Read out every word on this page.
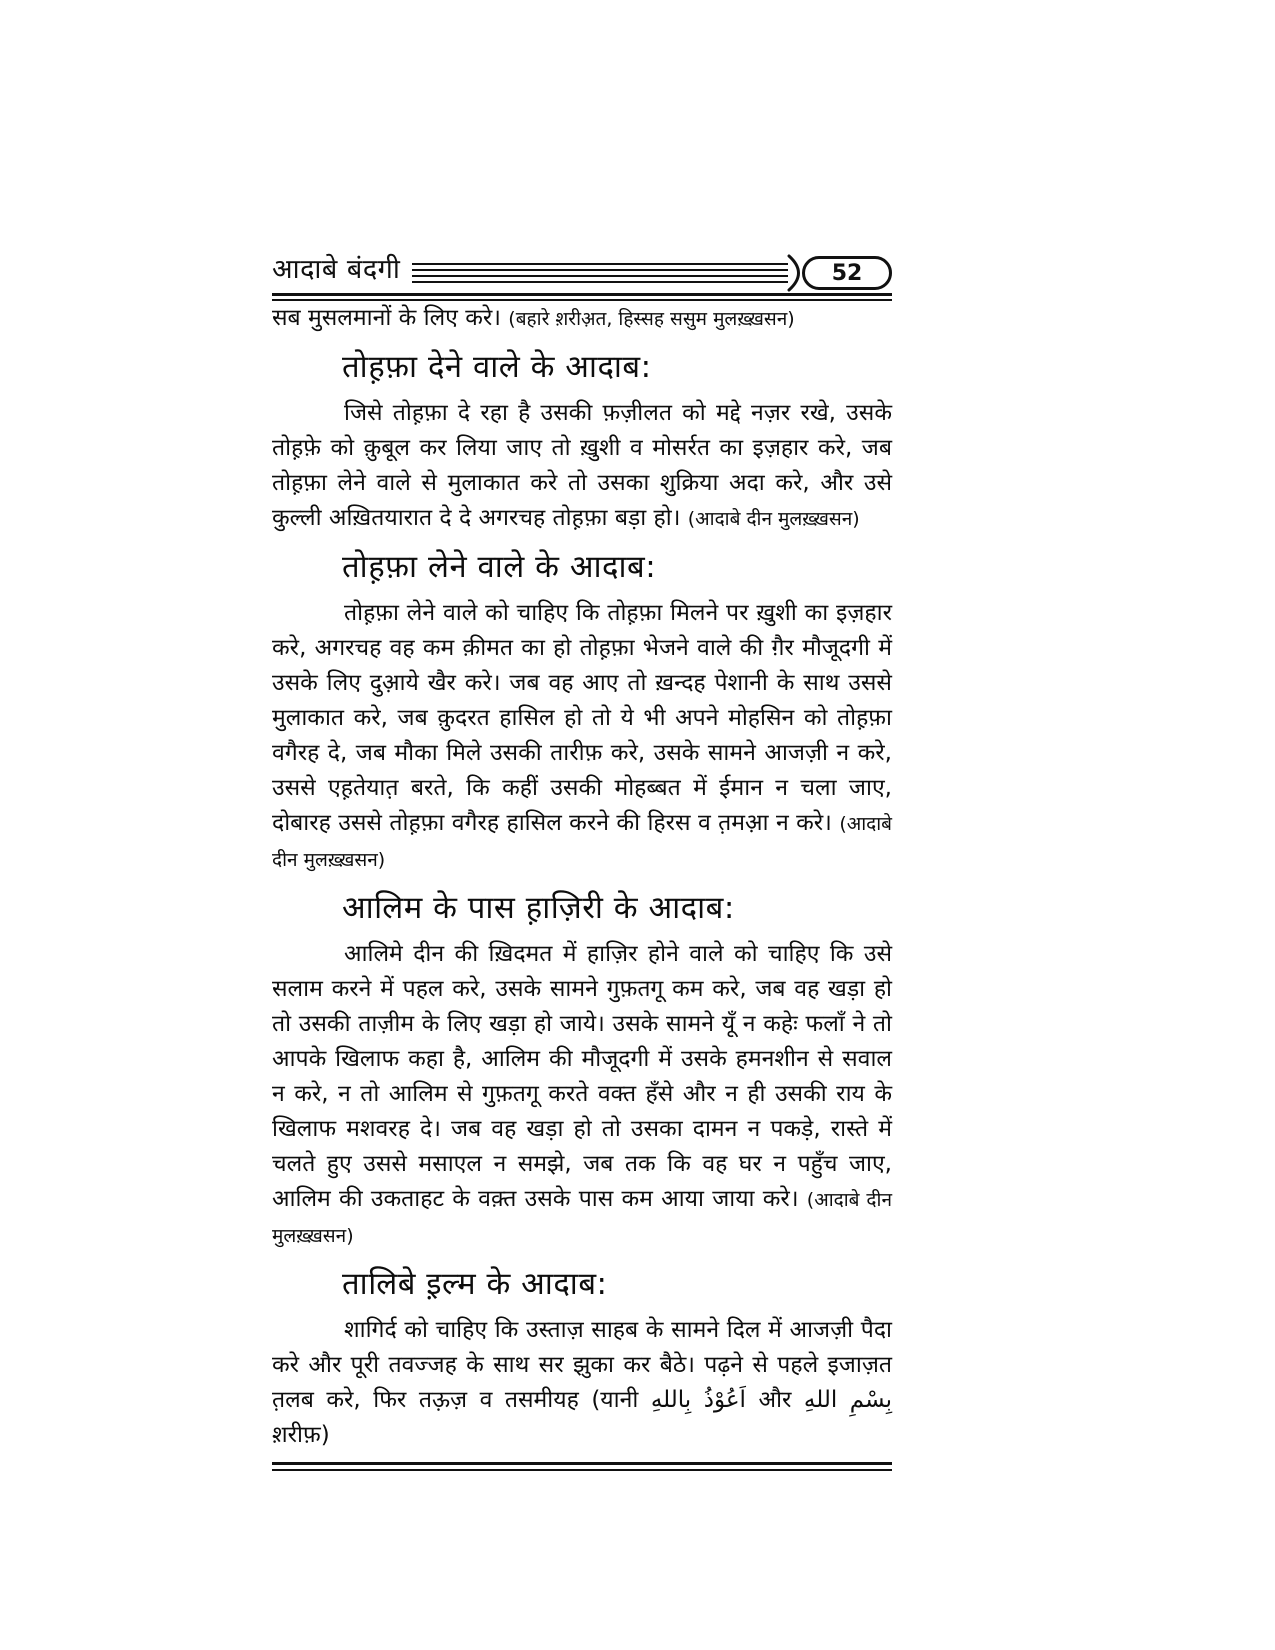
आदाबे बंदगी	52

सब मुसलमानों के लिए करे। (बहारे श़रीअ़त, हिस्सह ससुम मुलख़्ख़सन)

तोह़फ़ा देने वाले के आदाब:

जिसे तोह़फ़ा दे रहा है उसकी फ़ज़ीलत को मद्दे नज़र रखे, उसके तोह़फ़े को क़ुबूल कर लिया जाए तो ख़ुशी व मोसर्रत का इज़हार करे, जब तोह़फ़ा लेने वाले से मुलाकात करे तो उसका शुक्रिया अदा करे, और उसे कुल्ली अख़ितयारात दे दे अगरचह तोह़फ़ा बड़ा हो। (आदाबे दीन मुलख़्ख़सन)

तोह़फ़ा लेने वाले के आदाब:

तोह़फ़ा लेने वाले को चाहिए कि तोह़फ़ा मिलने पर ख़ुशी का इज़हार करे, अगरचह वह कम क़ीमत का हो तोह़फ़ा भेजने वाले की ग़ैर मौजूदगी में उसके लिए दुआ़ये खैर करे। जब वह आए तो ख़न्दह पेशानी के साथ उससे मुलाकात करे, जब क़ुदरत हासिल हो तो ये भी अपने मोहसिन को तोह़फ़ा वगैरह दे, जब मौका मिले उसकी तारीफ़ करे, उसके सामने आजज़ी न करे, उससे एह़तेयात़ बरते, कि कहीं उसकी मोहब्बत में ईमान न चला जाए, दोबारह उससे तोह़फ़ा वगैरह हासिल करने की हिरस व त़मआ़ न करे। (आदाबे दीन मुलख़्ख़सन)

आलिम के पास ह़ाज़िरी के आदाब:

आलिमे दीन की ख़िदमत में हाज़िर होने वाले को चाहिए कि उसे सलाम करने में पहल करे, उसके सामने गुफ़तगू कम करे, जब वह खड़ा हो तो उसकी ताज़ीम के लिए खड़ा हो जाये। उसके सामने यूँ न कहेः फलाँ ने तो आपके खिलाफ कहा है, आलिम की मौजूदगी में उसके हमनशीन से सवाल न करे, न तो आलिम से गुफ़तगू करते वक्त हँसे और न ही उसकी राय के खिलाफ मशवरह दे। जब वह खड़ा हो तो उसका दामन न पकड़े, रास्ते में चलते हुए उससे मसाएल न समझे, जब तक कि वह घर न पहुँच जाए, आलिम की उकताहट के वक़्त उसके पास कम आया जाया करे। (आदाबे दीन मुलख़्ख़सन)

तालिबे इ़ल्म के आदाब:

शागिर्द को चाहिए कि उस्ताज़ साहब के सामने दिल में आजज़ी पैदा करे और पूरी तवज्जह के साथ सर झुका कर बैठे। पढ़ने से पहले इजाज़त त़लब करे, फिर तऊ़ज़ व तसमीयह (यानी اَعُوْذُ بِاللهِ और بِسْمِ اللهِ श़रीफ़)
